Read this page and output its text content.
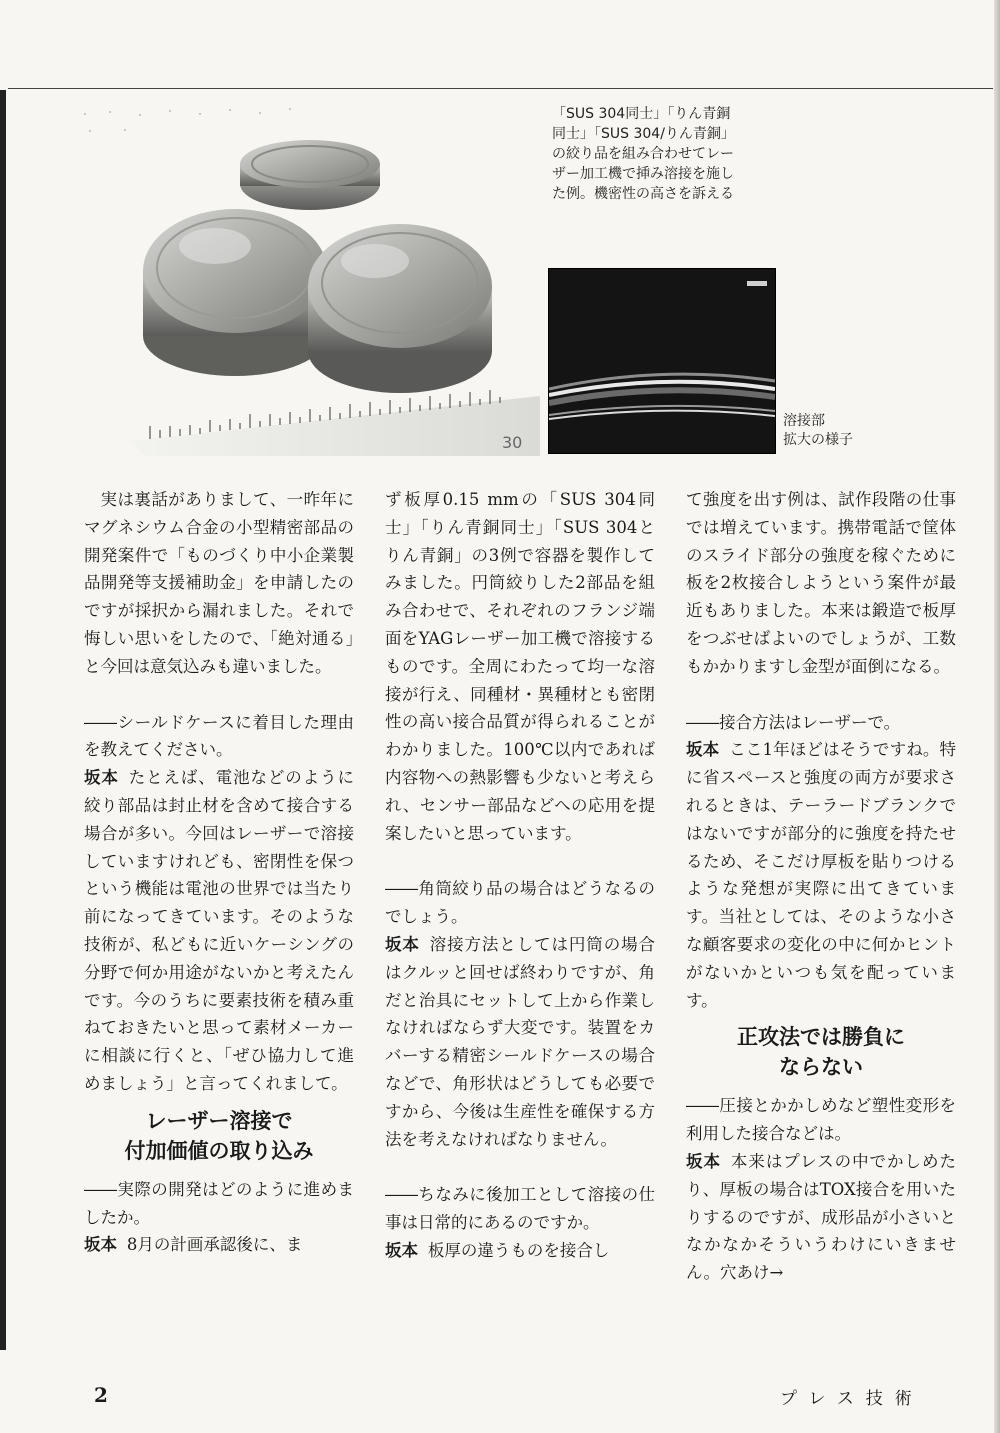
30

「SUS 304同士」「りん青銅

同士」「SUS 304/りん青銅」

の絞り品を組み合わせてレー

ザー加工機で挿み溶接を施し

た例。機密性の高さを訴える

溶接部

拡大の様子

実は裏話がありまして、一昨年にマグネシウム合金の小型精密部品の開発案件で「ものづくり中小企業製品開発等支援補助金」を申請したのですが採択から漏れました。それで悔しい思いをしたので、「絶対通る」と今回は意気込みも違いました。

――シールドケースに着目した理由を教えてください。

坂本 たとえば、電池などのように絞り部品は封止材を含めて接合する場合が多い。今回はレーザーで溶接していますけれども、密閉性を保つという機能は電池の世界では当たり前になってきています。そのような技術が、私どもに近いケーシングの分野で何か用途がないかと考えたんです。今のうちに要素技術を積み重ねておきたいと思って素材メーカーに相談に行くと、「ぜひ協力して進めましょう」と言ってくれまして。

レーザー溶接で

付加価値の取り込み

――実際の開発はどのように進めましたか。

坂本 8月の計画承認後に、ま

ず板厚0.15 mmの「SUS 304同士」「りん青銅同士」「SUS 304とりん青銅」の3例で容器を製作してみました。円筒絞りした2部品を組み合わせで、それぞれのフランジ端面をYAGレーザー加工機で溶接するものです。全周にわたって均一な溶接が行え、同種材・異種材とも密閉性の高い接合品質が得られることがわかりました。100℃以内であれば内容物への熱影響も少ないと考えられ、センサー部品などへの応用を提案したいと思っています。

――角筒絞り品の場合はどうなるのでしょう。

坂本 溶接方法としては円筒の場合はクルッと回せば終わりですが、角だと治具にセットして上から作業しなければならず大変です。装置をカバーする精密シールドケースの場合などで、角形状はどうしても必要ですから、今後は生産性を確保する方法を考えなければなりません。

――ちなみに後加工として溶接の仕事は日常的にあるのですか。

坂本 板厚の違うものを接合し

て強度を出す例は、試作段階の仕事では増えています。携帯電話で筐体のスライド部分の強度を稼ぐために板を2枚接合しようという案件が最近もありました。本来は鍛造で板厚をつぶせばよいのでしょうが、工数もかかりますし金型が面倒になる。

――接合方法はレーザーで。

坂本 ここ1年ほどはそうですね。特に省スペースと強度の両方が要求されるときは、テーラードブランクではないですが部分的に強度を持たせるため、そこだけ厚板を貼りつけるような発想が実際に出てきています。当社としては、そのような小さな顧客要求の変化の中に何かヒントがないかといつも気を配っています。

正攻法では勝負に

ならない

――圧接とかかしめなど塑性変形を利用した接合などは。

坂本 本来はプレスの中でかしめたり、厚板の場合はTOX接合を用いたりするのですが、成形品が小さいとなかなかそういうわけにいきません。穴あけ→

2	プレス技術
